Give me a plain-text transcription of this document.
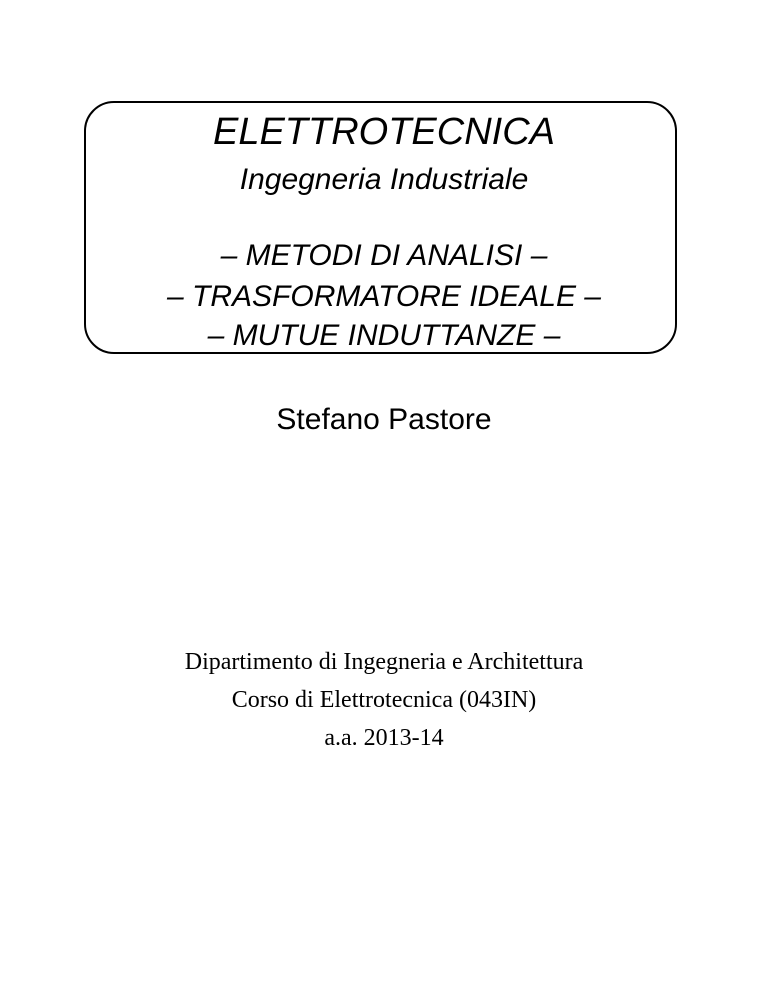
ELETTROTECNICA
Ingegneria Industriale
– METODI DI ANALISI –
– TRASFORMATORE IDEALE –
– MUTUE INDUTTANZE –
Stefano Pastore
Dipartimento di Ingegneria e Architettura
Corso di Elettrotecnica (043IN)
a.a. 2013-14
